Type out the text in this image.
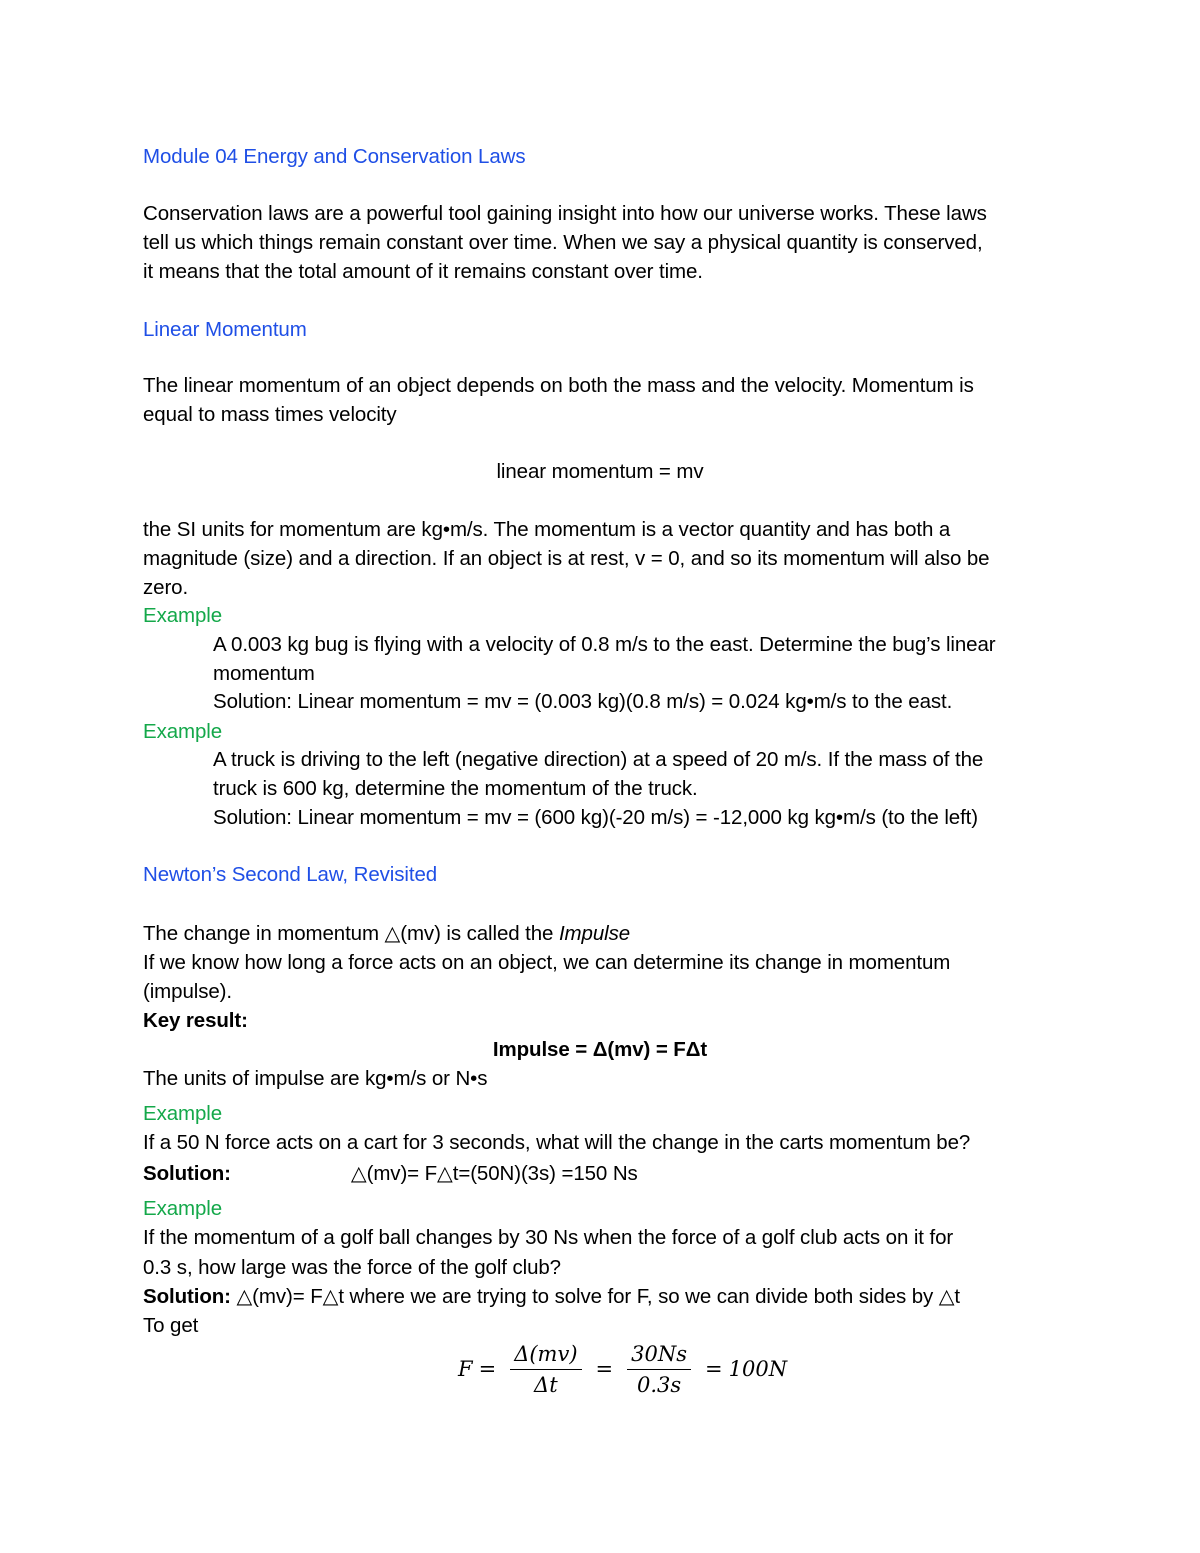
Module 04 Energy and Conservation Laws
Conservation laws are a powerful tool gaining insight into how our universe works. These laws
tell us which things remain constant over time. When we say a physical quantity is conserved,
it means that the total amount of it remains constant over time.
Linear Momentum
The linear momentum of an object depends on both the mass and the velocity. Momentum is
equal to mass times velocity
linear momentum = mv
the SI units for momentum are kg•m/s. The momentum is a vector quantity and has both a
magnitude (size) and a direction. If an object is at rest, v = 0, and so its momentum will also be
zero.
Example
A 0.003 kg bug is flying with a velocity of 0.8 m/s to the east. Determine the bug’s linear
momentum
Solution: Linear momentum = mv = (0.003 kg)(0.8 m/s) = 0.024 kg•m/s to the east.
Example
A truck is driving to the left (negative direction) at a speed of 20 m/s. If the mass of the
truck is 600 kg, determine the momentum of the truck.
Solution: Linear momentum = mv = (600 kg)(-20 m/s) = -12,000 kg kg•m/s (to the left)
Newton’s Second Law, Revisited
The change in momentum △(mv) is called the Impulse
If we know how long a force acts on an object, we can determine its change in momentum
(impulse).
Key result:
Impulse = Δ(mv) = FΔt
The units of impulse are kg•m/s or N•s
Example
If a 50 N force acts on a cart for 3 seconds, what will the change in the carts momentum be?
Solution:	△(mv)= F△t=(50N)(3s) =150 Ns
Example
If the momentum of a golf ball changes by 30 Ns when the force of a golf club acts on it for
0.3 s, how large was the force of the golf club?
Solution: △(mv)= F△t where we are trying to solve for F, so we can divide both sides by △t
To get
$F = \frac{\Delta(mv)}{\Delta t} = \frac{30Ns}{0.3s} = 100N$
